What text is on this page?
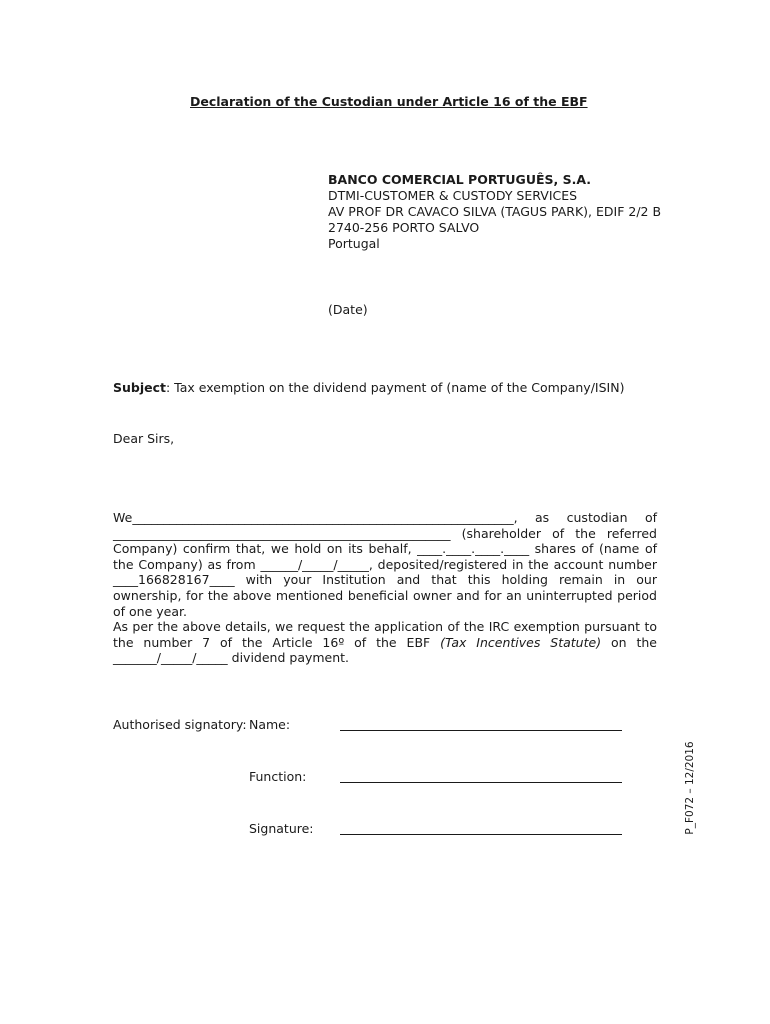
Declaration of the Custodian under Article 16 of the EBF
BANCO COMERCIAL PORTUGUÊS, S.A.
DTMI-CUSTOMER & CUSTODY SERVICES
AV PROF DR CAVACO SILVA (TAGUS PARK), EDIF 2/2 B
2740-256 PORTO SALVO
Portugal
(Date)
Subject: Tax exemption on the dividend payment of (name of the Company/ISIN)
Dear Sirs,
We_____________________________________________________________, as custodian of ______________________________________________________ (shareholder of the referred Company) confirm that, we hold on its behalf, ____.____.____.____ shares of (name of the Company) as from ______/_____/_____, deposited/registered in the account number ____166828167____ with your Institution and that this holding remain in our ownership, for the above mentioned beneficial owner and for an uninterrupted period of one year.
As per the above details, we request the application of the IRC exemption pursuant to the number 7 of the Article 16º of the EBF (Tax Incentives Statute) on the _______/_____/_____ dividend payment.
Authorised signatory: Name:
Function:
Signature:	P_F072 – 12/2016
